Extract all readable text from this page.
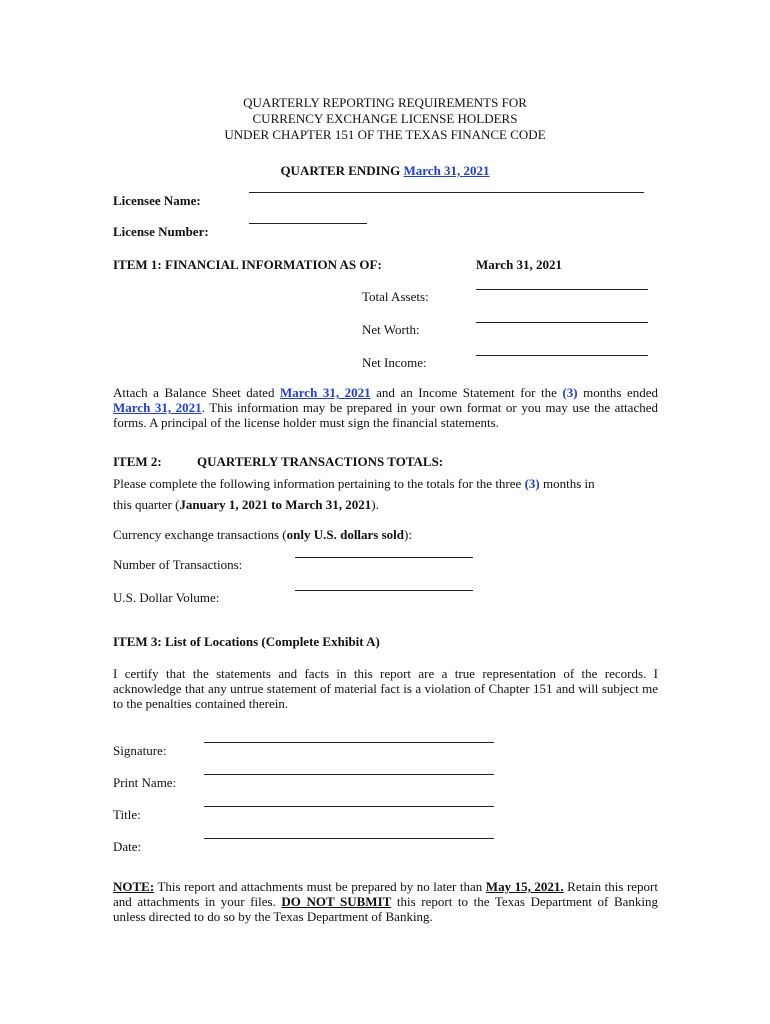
QUARTERLY REPORTING REQUIREMENTS FOR
CURRENCY EXCHANGE LICENSE HOLDERS
UNDER CHAPTER 151 OF THE TEXAS FINANCE CODE
QUARTER ENDING March 31, 2021
Licensee Name:
License Number:
ITEM 1: FINANCIAL INFORMATION AS OF:	March 31, 2021
Total Assets:
Net Worth:
Net Income:
Attach a Balance Sheet dated March 31, 2021 and an Income Statement for the (3) months ended March 31, 2021. This information may be prepared in your own format or you may use the attached forms. A principal of the license holder must sign the financial statements.
ITEM 2:	QUARTERLY TRANSACTIONS TOTALS:
Please complete the following information pertaining to the totals for the three (3) months in
this quarter (January 1, 2021 to March 31, 2021).
Currency exchange transactions (only U.S. dollars sold):
Number of Transactions:
U.S. Dollar Volume:
ITEM 3: List of Locations (Complete Exhibit A)
I certify that the statements and facts in this report are a true representation of the records. I acknowledge that any untrue statement of material fact is a violation of Chapter 151 and will subject me to the penalties contained therein.
Signature:
Print Name:
Title:
Date:
NOTE: This report and attachments must be prepared by no later than May 15, 2021. Retain this report and attachments in your files. DO NOT SUBMIT this report to the Texas Department of Banking unless directed to do so by the Texas Department of Banking.
